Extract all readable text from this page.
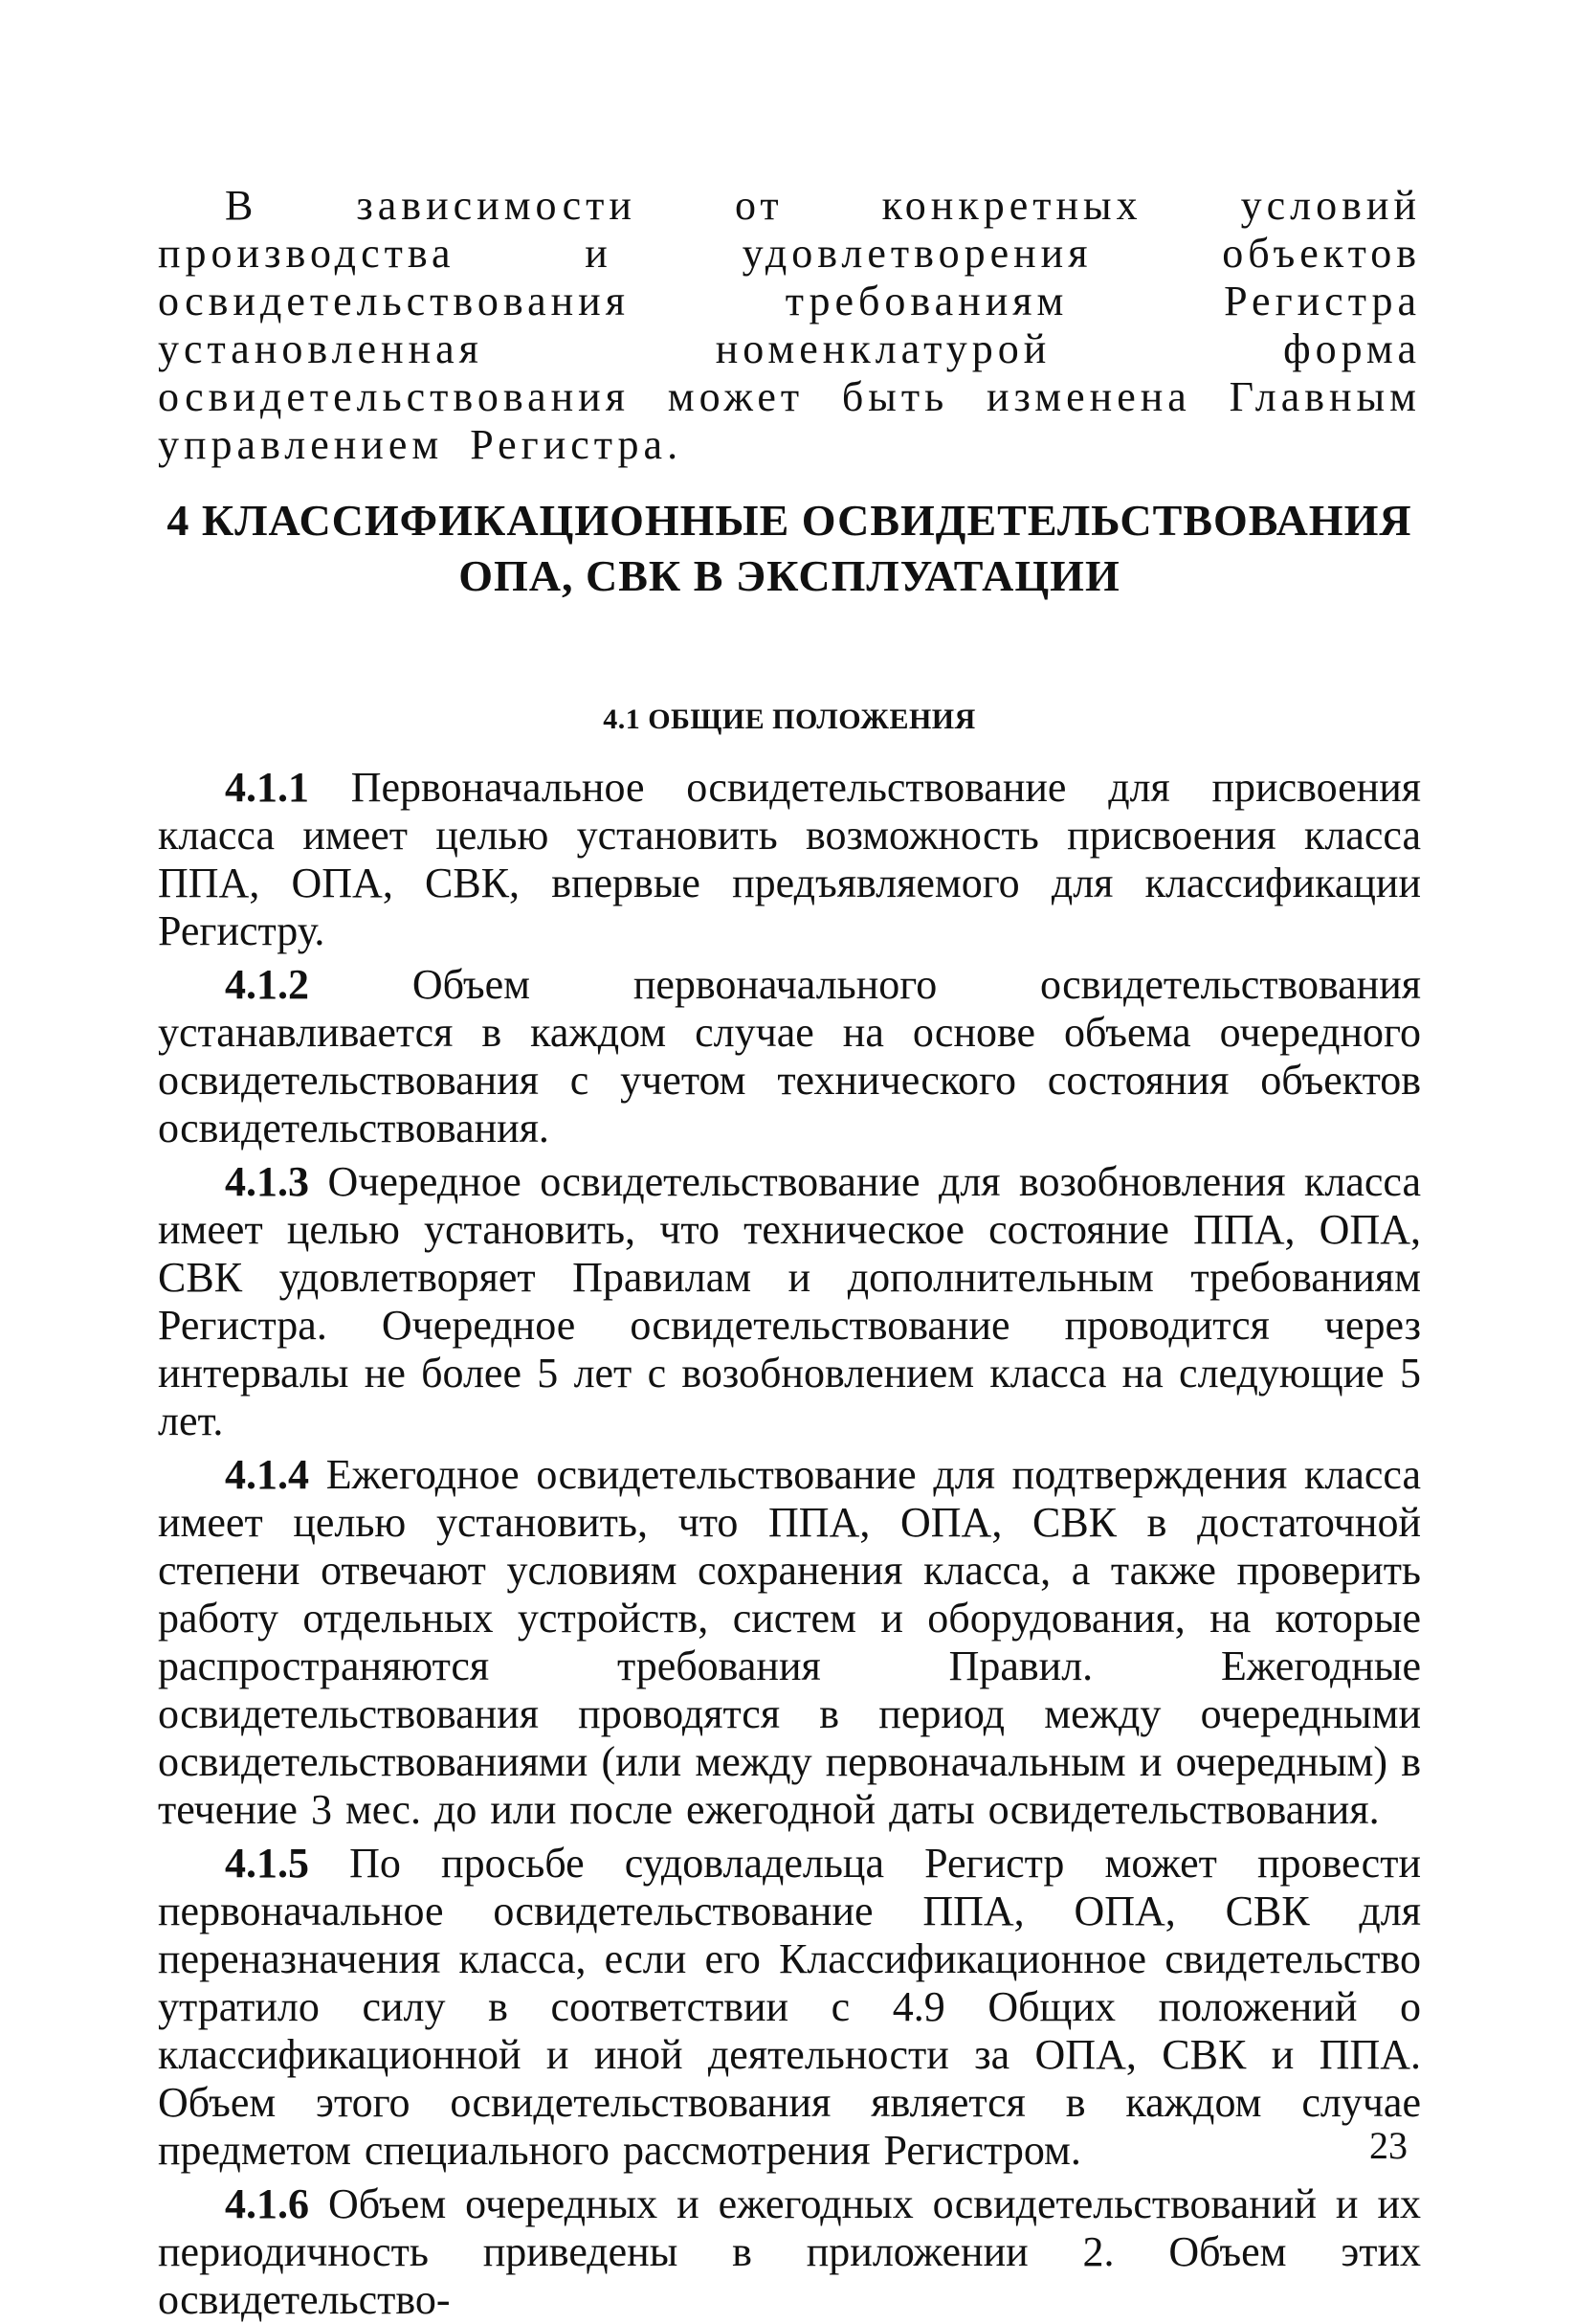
В зависимости от конкретных условий производства и удовлетворения объектов освидетельствования требованиям Регистра установленная номенклатурой форма освидетельствования может быть изменена Главным управлением Регистра.

4 КЛАССИФИКАЦИОННЫЕ ОСВИДЕТЕЛЬСТВОВАНИЯ
ОПА, СВК В ЭКСПЛУАТАЦИИ
4.1 ОБЩИЕ ПОЛОЖЕНИЯ

4.1.1 Первоначальное освидетельствование для присвоения класса имеет целью установить возможность присвоения класса ППА, ОПА, СВК, впервые предъявляемого для классификации Регистру.

4.1.2 Объем первоначального освидетельствования устанавливается в каждом случае на основе объема очередного освидетельствования с учетом технического состояния объектов освидетельствования.

4.1.3 Очередное освидетельствование для возобновления класса имеет целью установить, что техническое состояние ППА, ОПА, СВК удовлетворяет Правилам и дополнительным требованиям Регистра. Очередное освидетельствование проводится через интервалы не более 5 лет с возобновлением класса на следующие 5 лет.

4.1.4 Ежегодное освидетельствование для подтверждения класса имеет целью установить, что ППА, ОПА, СВК в достаточной степени отвечают условиям сохранения класса, а также проверить работу отдельных устройств, систем и оборудования, на которые распространяются требования Правил. Ежегодные освидетельствования проводятся в период между очередными освидетельствованиями (или между первоначальным и очередным) в течение 3 мес. до или после ежегодной даты освидетельствования.

4.1.5 По просьбе судовладельца Регистр может провести первоначальное освидетельствование ППА, ОПА, СВК для переназначения класса, если его Классификационное свидетельство утратило силу в соответствии с 4.9 Общих положений о классификационной и иной деятельности за ОПА, СВК и ППА. Объем этого освидетельствования является в каждом случае предметом специального рассмотрения Регистром.

4.1.6 Объем очередных и ежегодных освидетельствований и их периодичность приведены в приложении 2. Объем этих освидетельство-

23
